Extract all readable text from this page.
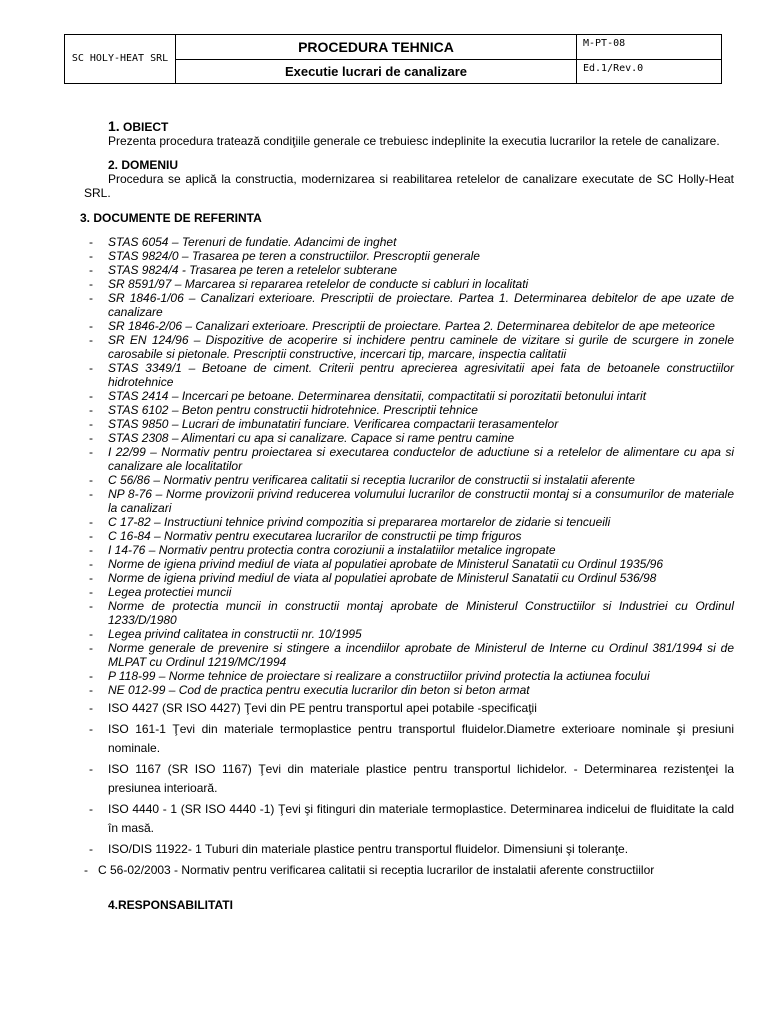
SC HOLY-HEAT SRL	PROCEDURA TEHNICA	M-PT-08
	Executie lucrari de canalizare	Ed.1/Rev.0
1. OBIECT
Prezenta procedura tratează condiţiile generale ce trebuiesc indeplinite la executia lucrarilor la retele de canalizare.
2. DOMENIU
Procedura se aplică la constructia, modernizarea si reabilitarea retelelor de canalizare executate de SC Holly-Heat SRL.
3. DOCUMENTE DE REFERINTA
- STAS 6054 – Terenuri de fundatie. Adancimi de inghet
- STAS 9824/0 – Trasarea pe teren a constructiilor. Prescroptii generale
- STAS 9824/4 - Trasarea pe teren a retelelor subterane
- SR 8591/97 – Marcarea si repararea retelelor de conducte si cabluri in localitati
- SR 1846-1/06 – Canalizari exterioare. Prescriptii de proiectare. Partea 1. Determinarea debitelor de ape uzate de canalizare
- SR 1846-2/06 – Canalizari exterioare. Prescriptii de proiectare. Partea 2. Determinarea debitelor de ape meteorice
- SR EN 124/96 – Dispozitive de acoperire si inchidere pentru caminele de vizitare si gurile de scurgere in zonele carosabile si pietonale. Prescriptii constructive, incercari tip, marcare, inspectia calitatii
- STAS 3349/1 – Betoane de ciment. Criterii pentru aprecierea agresivitatii apei fata de betoanele constructiilor hidrotehnice
- STAS 2414 – Incercari pe betoane. Determinarea densitatii, compactitatii si porozitatii betonului intarit
- STAS 6102 – Beton pentru constructii hidrotehnice. Prescriptii tehnice
- STAS 9850 – Lucrari de imbunatatiri funciare. Verificarea compactarii terasamentelor
- STAS 2308 – Alimentari cu apa si canalizare. Capace si rame pentru camine
- I 22/99 – Normativ pentru proiectarea si executarea conductelor de aductiune si a retelelor de alimentare cu apa si canalizare ale localitatilor
- C 56/86 – Normativ pentru verificarea calitatii si receptia lucrarilor de constructii si instalatii aferente
- NP 8-76 – Norme provizorii privind reducerea volumului lucrarilor de constructii montaj si a consumurilor de materiale la canalizari
- C 17-82 – Instructiuni tehnice privind compozitia si prepararea mortarelor de zidarie si tencueili
- C 16-84 – Normativ pentru executarea lucrarilor de constructii pe timp friguros
- I 14-76 – Normativ pentru protectia contra coroziunii a instalatiilor metalice ingropate
- Norme de igiena privind mediul de viata al populatiei aprobate de Ministerul Sanatatii cu Ordinul 1935/96
- Norme de igiena privind mediul de viata al populatiei aprobate de Ministerul Sanatatii cu Ordinul 536/98
- Legea protectiei muncii
- Norme de protectia muncii in constructii montaj aprobate de Ministerul Constructiilor si Industriei cu Ordinul 1233/D/1980
- Legea privind calitatea in constructii nr. 10/1995
- Norme generale de prevenire si stingere a incendiilor aprobate de Ministerul de Interne cu Ordinul 381/1994 si de MLPAT cu Ordinul 1219/MC/1994
- P 118-99 – Norme tehnice de proiectare si realizare a constructiilor privind protectia la actiunea focului
- NE 012-99 – Cod de practica pentru executia lucrarilor din beton si beton armat
- ISO 4427 (SR ISO 4427) Ţevi din PE pentru transportul apei potabile -specificaţii
- ISO 161-1 Ţevi din materiale termoplastice pentru transportul fluidelor.Diametre exterioare nominale şi presiuni nominale.
- ISO 1167 (SR ISO 1167) Ţevi din materiale plastice pentru transportul lichidelor. - Determinarea rezistenţei la presiunea interioară.
- ISO 4440 - 1 (SR ISO 4440 -1) Ţevi şi fitinguri din materiale termoplastice. Determinarea indicelui de fluiditate la cald în masă.
- ISO/DIS 11922- 1 Tuburi din materiale plastice pentru transportul fluidelor. Dimensiuni şi toleranţe.
- C 56-02/2003 - Normativ pentru verificarea calitatii si receptia lucrarilor de instalatii aferente constructiilor
4.RESPONSABILITATI
